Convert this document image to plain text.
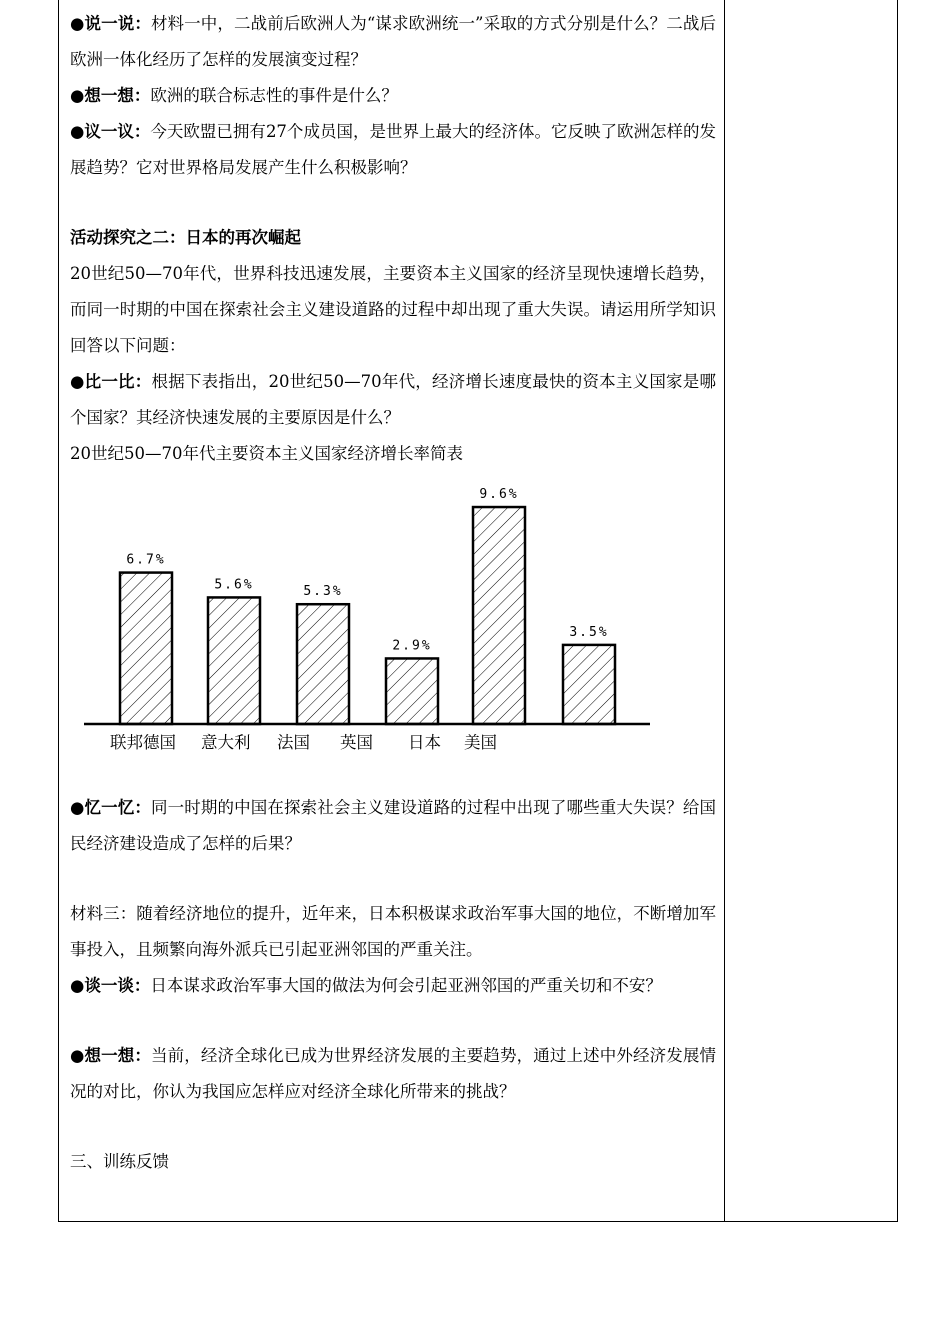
●说一说：材料一中，二战前后欧洲人为“谋求欧洲统一”采取的方式分别是什么？二战后欧洲一体化经历了怎样的发展演变过程？

●想一想：欧洲的联合标志性的事件是什么？

●议一议：今天欧盟已拥有27个成员国，是世界上最大的经济体。它反映了欧洲怎样的发展趋势？它对世界格局发展产生什么积极影响？

活动探究之二：日本的再次崛起

20世纪50—70年代，世界科技迅速发展，主要资本主义国家的经济呈现快速增长趋势，而同一时期的中国在探索社会主义建设道路的过程中却出现了重大失误。请运用所学知识回答以下问题：

●比一比：根据下表指出，20世纪50—70年代，经济增长速度最快的资本主义国家是哪个国家？其经济快速发展的主要原因是什么？

20世纪50—70年代主要资本主义国家经济增长率简表

6.7%
联邦德国
5.6%
意大利
5.3%
法国
2.9%
英国
9.6%
日本
3.5%
美国

●忆一忆：同一时期的中国在探索社会主义建设道路的过程中出现了哪些重大失误？给国民经济建设造成了怎样的后果？

材料三：随着经济地位的提升，近年来，日本积极谋求政治军事大国的地位，不断增加军事投入，且频繁向海外派兵已引起亚洲邻国的严重关注。

●谈一谈：日本谋求政治军事大国的做法为何会引起亚洲邻国的严重关切和不安？

●想一想：当前，经济全球化已成为世界经济发展的主要趋势，通过上述中外经济发展情况的对比，你认为我国应怎样应对经济全球化所带来的挑战？

三、训练反馈
